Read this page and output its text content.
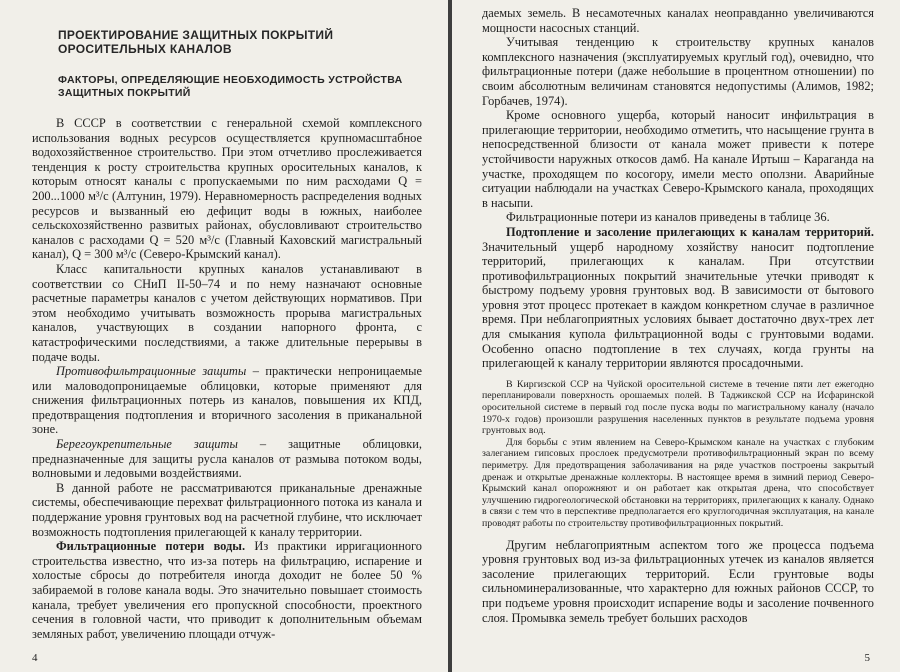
ПРОЕКТИРОВАНИЕ ЗАЩИТНЫХ ПОКРЫТИЙ
ОРОСИТЕЛЬНЫХ КАНАЛОВ
ФАКТОРЫ, ОПРЕДЕЛЯЮЩИЕ НЕОБХОДИМОСТЬ УСТРОЙСТВА
ЗАЩИТНЫХ ПОКРЫТИЙ

В СССР в соответствии с генеральной схемой комплексного использования водных ресурсов осуществляется крупномасштабное водохозяйственное строительство. При этом отчетливо прослеживается тенденция к росту строительства крупных оросительных каналов, к которым относят каналы с пропускаемыми по ним расходами Q = 200...1000 м³/с (Алтунин, 1979). Неравномерность распределения водных ресурсов и вызванный ею дефицит воды в южных, наиболее сельскохозяйственно развитых районах, обусловливают строительство каналов с расходами Q = 520 м³/с (Главный Каховский магистральный канал), Q = 300 м³/с (Северо-Крымский канал).

Класс капитальности крупных каналов устанавливают в соответствии со СНиП II-50–74 и по нему назначают основные расчетные параметры каналов с учетом действующих нормативов. При этом необходимо учитывать возможность прорыва магистральных каналов, участвующих в создании напорного фронта, с катастрофическими последствиями, а также длительные перерывы в подаче воды.

Противофильтрационные защиты – практически непроницаемые или маловодопроницаемые облицовки, которые применяют для снижения фильтрационных потерь из каналов, повышения их КПД, предотвращения подтопления и вторичного засоления в приканальной зоне.

Берегоукрепительные защиты – защитные облицовки, предназначенные для защиты русла каналов от размыва потоком воды, волновыми и ледовыми воздействиями.

В данной работе не рассматриваются приканальные дренажные системы, обеспечивающие перехват фильтрационного потока из канала и поддержание уровня грунтовых вод на расчетной глубине, что исключает возможность подтопления прилегающей к каналу территории.

Фильтрационные потери воды. Из практики ирригационного строительства известно, что из-за потерь на фильтрацию, испарение и холостые сбросы до потребителя иногда доходит не более 50 % забираемой в голове канала воды. Это значительно повышает стоимость канала, требует увеличения его пропускной способности, проектного сечения в головной части, что приводит к дополнительным объемам земляных работ, увеличению площади отчуж-

4

даемых земель. В несамотечных каналах неоправданно увеличиваются мощности насосных станций.

Учитывая тенденцию к строительству крупных каналов комплексного назначения (эксплуатируемых круглый год), очевидно, что фильтрационные потери (даже небольшие в процентном отношении) по своим абсолютным величинам становятся недопустимы (Алимов, 1982; Горбачев, 1974).

Кроме основного ущерба, который наносит инфильтрация в прилегающие территории, необходимо отметить, что насыщение грунта в непосредственной близости от канала может привести к потере устойчивости наружных откосов дамб. На канале Иртыш – Караганда на участке, проходящем по косогору, имели место оползни. Аварийные ситуации наблюдали на участках Северо-Крымского канала, проходящих в насыпи.

Фильтрационные потери из каналов приведены в таблице 36.

Подтопление и засоление прилегающих к каналам территорий. Значительный ущерб народному хозяйству наносит подтопление территорий, прилегающих к каналам. При отсутствии противофильтрационных покрытий значительные утечки приводят к быстрому подъему уровня грунтовых вод. В зависимости от бытового уровня этот процесс протекает в каждом конкретном случае в различное время. При неблагоприятных условиях бывает достаточно двух-трех лет для смыкания купола фильтрационной воды с грунтовыми водами. Особенно опасно подтопление в тех случаях, когда грунты на прилегающей к каналу территории являются просадочными.

В Киргизской ССР на Чуйской оросительной системе в течение пяти лет ежегодно перепланировали поверхность орошаемых полей. В Таджикской ССР на Исфаринской оросительной системе в первый год после пуска воды по магистральному каналу (начало 1970-х годов) произошли разрушения населенных пунктов в результате подъема уровня грунтовых вод.

Для борьбы с этим явлением на Северо-Крымском канале на участках с глубоким залеганием гипсовых прослоек предусмотрели противофильтрационный экран по всему периметру. Для предотвращения заболачивания на ряде участков построены закрытый дренаж и открытые дренажные коллекторы. В настоящее время в зимний период Северо-Крымский канал опорожняют и он работает как открытая дрена, что способствует улучшению гидрогеологической обстановки на территориях, прилегающих к каналу. Однако в связи с тем что в перспективе предполагается его круглогодичная эксплуатация, на канале проводят работы по строительству противофильтрационных покрытий.

Другим неблагоприятным аспектом того же процесса подъема уровня грунтовых вод из-за фильтрационных утечек из каналов является засоление прилегающих территорий. Если грунтовые воды сильноминерализованные, что характерно для южных районов СССР, то при подъеме уровня происходит испарение воды и засоление почвенного слоя. Промывка земель требует больших расходов

5
